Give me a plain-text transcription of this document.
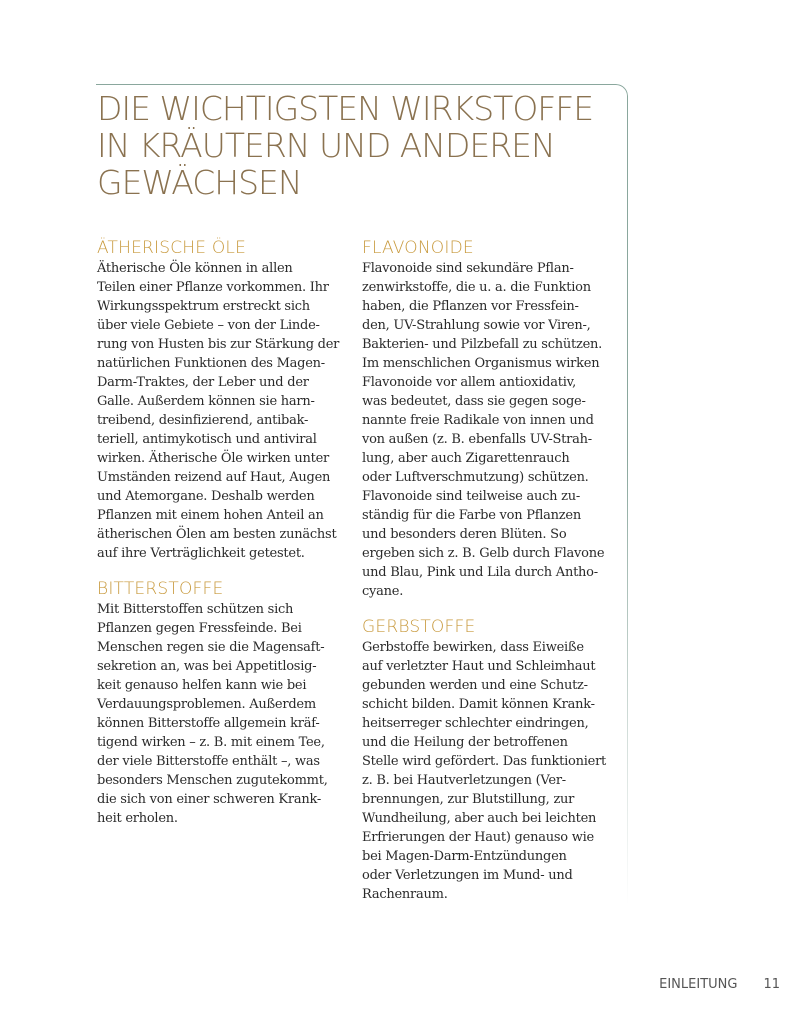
DIE WICHTIGSTEN WIRKSTOFFE
IN KRÄUTERN UND ANDEREN
GEWÄCHSEN
ÄTHERISCHE ÖLE

Ätherische Öle können in allen
Teilen einer Pflanze vorkommen. Ihr
Wirkungsspektrum erstreckt sich
über viele Gebiete – von der Linde-
rung von Husten bis zur Stärkung der
natürlichen Funktionen des Magen-
Darm-Traktes, der Leber und der
Galle. Außerdem können sie harn-
treibend, desinfizierend, antibak-
teriell, antimykotisch und antiviral
wirken. Ätherische Öle wirken unter
Umständen reizend auf Haut, Augen
und Atemorgane. Deshalb werden
Pflanzen mit einem hohen Anteil an
ätherischen Ölen am besten zunächst
auf ihre Verträglichkeit getestet.

BITTERSTOFFE

Mit Bitterstoffen schützen sich
Pflanzen gegen Fressfeinde. Bei
Menschen regen sie die Magensaft-
sekretion an, was bei Appetitlosig-
keit genauso helfen kann wie bei
Verdauungsproblemen. Außerdem
können Bitterstoffe allgemein kräf-
tigend wirken – z. B. mit einem Tee,
der viele Bitterstoffe enthält –, was
besonders Menschen zugutekommt,
die sich von einer schweren Krank-
heit erholen.

FLAVONOIDE

Flavonoide sind sekundäre Pflan-
zenwirkstoffe, die u. a. die Funktion
haben, die Pflanzen vor Fressfein-
den, UV-Strahlung sowie vor Viren-,
Bakterien- und Pilzbefall zu schützen.
Im menschlichen Organismus wirken
Flavonoide vor allem antioxidativ,
was bedeutet, dass sie gegen soge-
nannte freie Radikale von innen und
von außen (z. B. ebenfalls UV-Strah-
lung, aber auch Zigarettenrauch
oder Luftverschmutzung) schützen.
Flavonoide sind teilweise auch zu-
ständig für die Farbe von Pflanzen
und besonders deren Blüten. So
ergeben sich z. B. Gelb durch Flavone
und Blau, Pink und Lila durch Antho-
cyane.

GERBSTOFFE

Gerbstoffe bewirken, dass Eiweiße
auf verletzter Haut und Schleimhaut
gebunden werden und eine Schutz-
schicht bilden. Damit können Krank-
heitserreger schlechter eindringen,
und die Heilung der betroffenen
Stelle wird gefördert. Das funktioniert
z. B. bei Hautverletzungen (Ver-
brennungen, zur Blutstillung, zur
Wundheilung, aber auch bei leichten
Erfrierungen der Haut) genauso wie
bei Magen-Darm-Entzündungen
oder Verletzungen im Mund- und
Rachenraum.

EINLEITUNG 11
